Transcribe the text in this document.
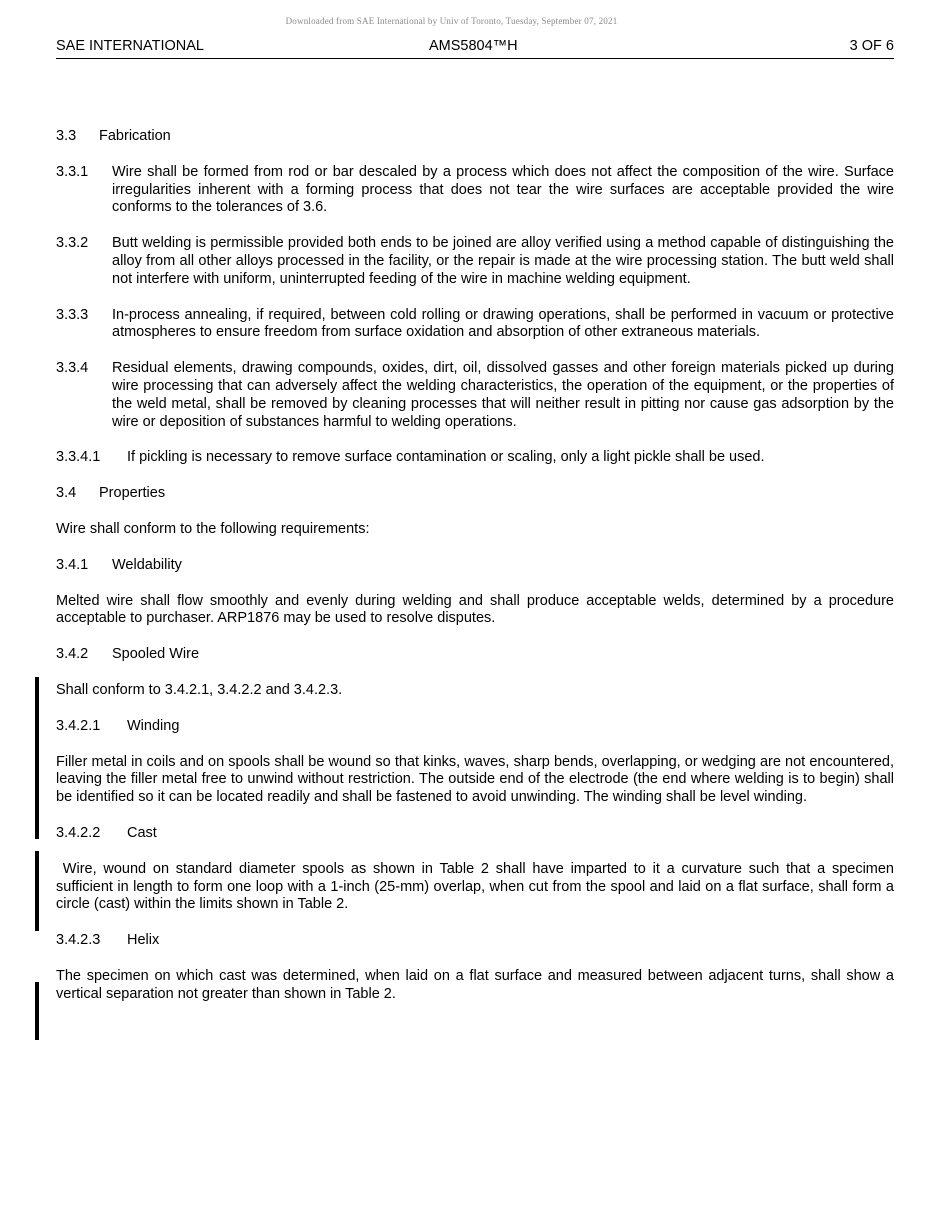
Downloaded from SAE International by Univ of Toronto, Tuesday, September 07, 2021
SAE INTERNATIONAL	AMS5804™H	3 OF 6
3.3	Fabrication
3.3.1	Wire shall be formed from rod or bar descaled by a process which does not affect the composition of the wire. Surface irregularities inherent with a forming process that does not tear the wire surfaces are acceptable provided the wire conforms to the tolerances of 3.6.
3.3.2	Butt welding is permissible provided both ends to be joined are alloy verified using a method capable of distinguishing the alloy from all other alloys processed in the facility, or the repair is made at the wire processing station. The butt weld shall not interfere with uniform, uninterrupted feeding of the wire in machine welding equipment.
3.3.3	In-process annealing, if required, between cold rolling or drawing operations, shall be performed in vacuum or protective atmospheres to ensure freedom from surface oxidation and absorption of other extraneous materials.
3.3.4	Residual elements, drawing compounds, oxides, dirt, oil, dissolved gasses and other foreign materials picked up during wire processing that can adversely affect the welding characteristics, the operation of the equipment, or the properties of the weld metal, shall be removed by cleaning processes that will neither result in pitting nor cause gas adsorption by the wire or deposition of substances harmful to welding operations.
3.3.4.1	If pickling is necessary to remove surface contamination or scaling, only a light pickle shall be used.
3.4	Properties

Wire shall conform to the following requirements:

3.4.1	Weldability

Melted wire shall flow smoothly and evenly during welding and shall produce acceptable welds, determined by a procedure acceptable to purchaser. ARP1876 may be used to resolve disputes.

3.4.2	Spooled Wire

Shall conform to 3.4.2.1, 3.4.2.2 and 3.4.2.3.

3.4.2.1	Winding

Filler metal in coils and on spools shall be wound so that kinks, waves, sharp bends, overlapping, or wedging are not encountered, leaving the filler metal free to unwind without restriction. The outside end of the electrode (the end where welding is to begin) shall be identified so it can be located readily and shall be fastened to avoid unwinding. The winding shall be level winding.

3.4.2.2	Cast

Wire, wound on standard diameter spools as shown in Table 2 shall have imparted to it a curvature such that a specimen sufficient in length to form one loop with a 1-inch (25-mm) overlap, when cut from the spool and laid on a flat surface, shall form a circle (cast) within the limits shown in Table 2.

3.4.2.3	Helix

The specimen on which cast was determined, when laid on a flat surface and measured between adjacent turns, shall show a vertical separation not greater than shown in Table 2.
